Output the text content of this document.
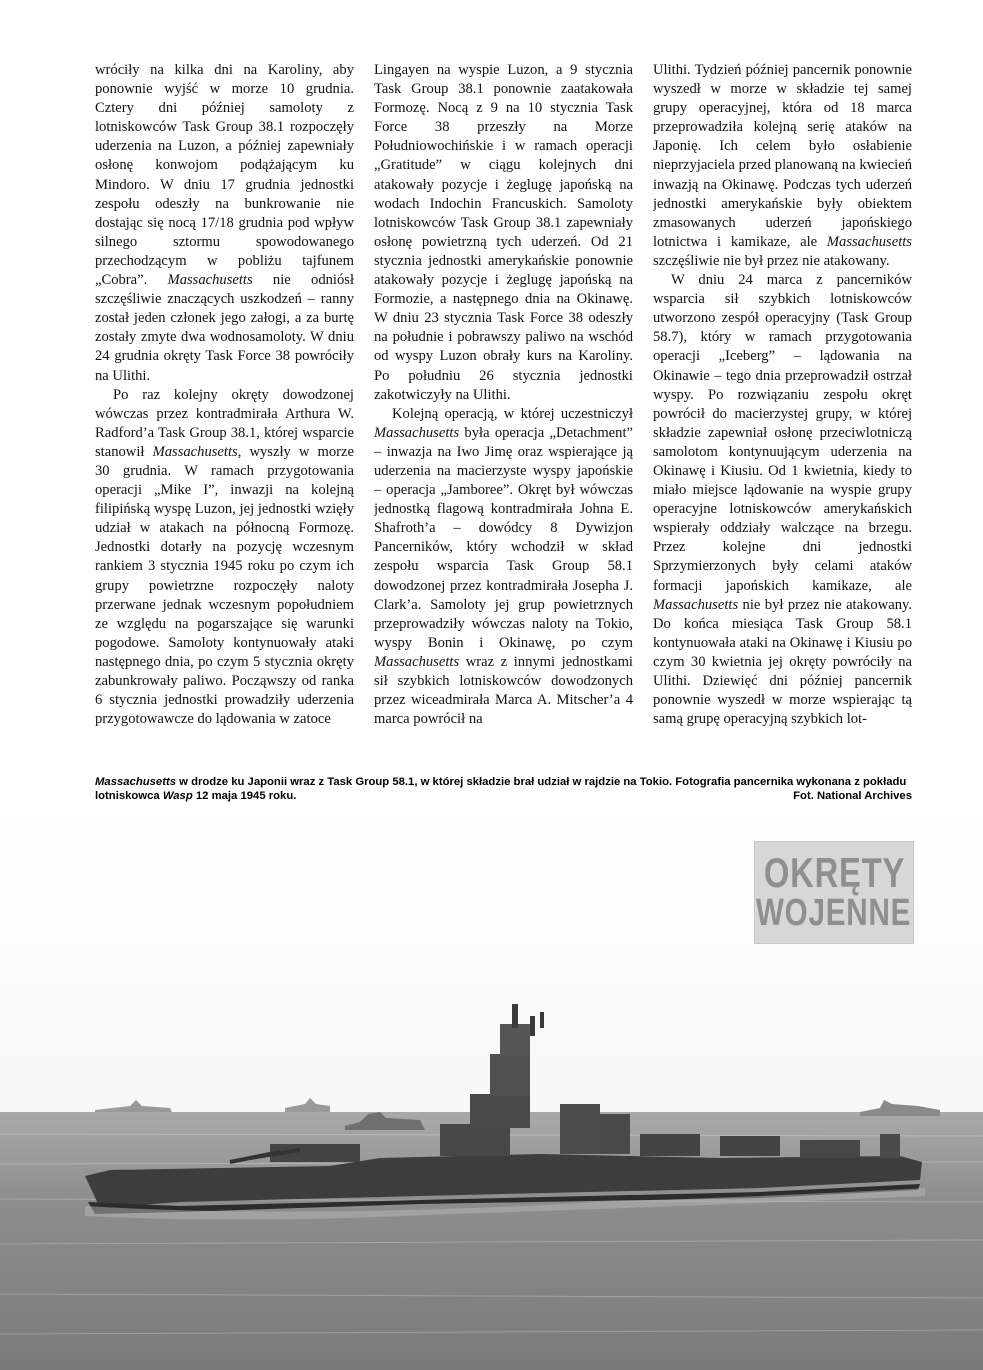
wróciły na kilka dni na Karoliny, aby ponownie wyjść w morze 10 grudnia. Cztery dni później samoloty z lotniskowców Task Group 38.1 rozpoczęły uderzenia na Luzon, a później zapewniały osłonę konwojom podążającym ku Mindoro. W dniu 17 grudnia jednostki zespołu odeszły na bunkrowanie nie dostając się nocą 17/18 grudnia pod wpływ silnego sztormu spowodowanego przechodzącym w pobliżu tajfunem „Cobra”. Massachusetts nie odniósł szczęśliwie znaczących uszkodzeń – ranny został jeden członek jego załogi, a za burtę zostały zmyte dwa wodnosamoloty. W dniu 24 grudnia okręty Task Force 38 powróciły na Ulithi.

Po raz kolejny okręty dowodzonej wówczas przez kontradmirała Arthura W. Radford’a Task Group 38.1, której wsparcie stanowił Massachusetts, wyszły w morze 30 grudnia. W ramach przygotowania operacji „Mike I”, inwazji na kolejną filipińską wyspę Luzon, jej jednostki wzięły udział w atakach na północną Formozę. Jednostki dotarły na pozycję wczesnym rankiem 3 stycznia 1945 roku po czym ich grupy powietrzne rozpoczęły naloty przerwane jednak wczesnym popołudniem ze względu na pogarszające się warunki pogodowe. Samoloty kontynuowały ataki następnego dnia, po czym 5 stycznia okręty zabunkrowały paliwo. Począwszy od ranka 6 stycznia jednostki prowadziły uderzenia przygotowawcze do lądowania w zatoce

Lingayen na wyspie Luzon, a 9 stycznia Task Group 38.1 ponownie zaatakowała Formozę. Nocą z 9 na 10 stycznia Task Force 38 przeszły na Morze Południowochińskie i w ramach operacji „Gratitude” w ciągu kolejnych dni atakowały pozycje i żeglugę japońską na wodach Indochin Francuskich. Samoloty lotniskowców Task Group 38.1 zapewniały osłonę powietrzną tych uderzeń. Od 21 stycznia jednostki amerykańskie ponownie atakowały pozycje i żeglugę japońską na Formozie, a następnego dnia na Okinawę. W dniu 23 stycznia Task Force 38 odeszły na południe i pobrawszy paliwo na wschód od wyspy Luzon obrały kurs na Karoliny. Po południu 26 stycznia jednostki zakotwiczyły na Ulithi.

Kolejną operacją, w której uczestniczył Massachusetts była operacja „Detachment” – inwazja na Iwo Jimę oraz wspierające ją uderzenia na macierzyste wyspy japońskie – operacja „Jamboree”. Okręt był wówczas jednostką flagową kontradmirała Johna E. Shafroth’a – dowódcy 8 Dywizjon Pancerników, który wchodził w skład zespołu wsparcia Task Group 58.1 dowodzonej przez kontradmirała Josepha J. Clark’a. Samoloty jej grup powietrznych przeprowadziły wówczas naloty na Tokio, wyspy Bonin i Okinawę, po czym Massachusetts wraz z innymi jednostkami sił szybkich lotniskowców dowodzonych przez wiceadmirała Marca A. Mitscher’a 4 marca powrócił na

Ulithi. Tydzień później pancernik ponownie wyszedł w morze w składzie tej samej grupy operacyjnej, która od 18 marca przeprowadziła kolejną serię ataków na Japonię. Ich celem było osłabienie nieprzyjaciela przed planowaną na kwiecień inwazją na Okinawę. Podczas tych uderzeń jednostki amerykańskie były obiektem zmasowanych uderzeń japońskiego lotnictwa i kamikaze, ale Massachusetts szczęśliwie nie był przez nie atakowany.

W dniu 24 marca z pancerników wsparcia sił szybkich lotniskowców utworzono zespół operacyjny (Task Group 58.7), który w ramach przygotowania operacji „Iceberg” – lądowania na Okinawie – tego dnia przeprowadził ostrzał wyspy. Po rozwiązaniu zespołu okręt powrócił do macierzystej grupy, w której składzie zapewniał osłonę przeciwlotniczą samolotom kontynuującym uderzenia na Okinawę i Kiusiu. Od 1 kwietnia, kiedy to miało miejsce lądowanie na wyspie grupy operacyjne lotniskowców amerykańskich wspierały oddziały walczące na brzegu. Przez kolejne dni jednostki Sprzymierzonych były celami ataków formacji japońskich kamikaze, ale Massachusetts nie był przez nie atakowany. Do końca miesiąca Task Group 58.1 kontynuowała ataki na Okinawę i Kiusiu po czym 30 kwietnia jej okręty powróciły na Ulithi. Dziewięć dni później pancernik ponownie wyszedł w morze wspierając tą samą grupę operacyjną szybkich lot-

Massachusetts w drodze ku Japonii wraz z Task Group 58.1, w której składzie brał udział w rajdzie na Tokio. Fotografia pancernika wykonana z pokładu lotniskowca Wasp 12 maja 1945 roku.	Fot. National Archives
OKRĘTY
WOJENNE
